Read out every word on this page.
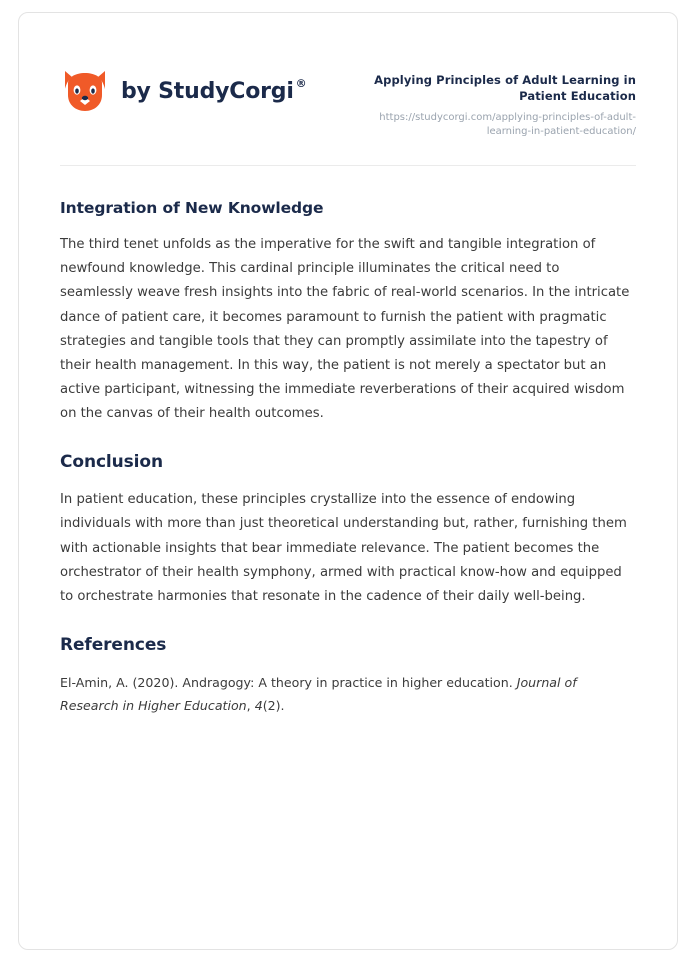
by StudyCorgi ®	Applying Principles of Adult Learning in Patient Education
https://studycorgi.com/applying-principles-of-adult-learning-in-patient-education/
Integration of New Knowledge

The third tenet unfolds as the imperative for the swift and tangible integration of newfound knowledge. This cardinal principle illuminates the critical need to seamlessly weave fresh insights into the fabric of real-world scenarios. In the intricate dance of patient care, it becomes paramount to furnish the patient with pragmatic strategies and tangible tools that they can promptly assimilate into the tapestry of their health management. In this way, the patient is not merely a spectator but an active participant, witnessing the immediate reverberations of their acquired wisdom on the canvas of their health outcomes.

Conclusion

In patient education, these principles crystallize into the essence of endowing individuals with more than just theoretical understanding but, rather, furnishing them with actionable insights that bear immediate relevance. The patient becomes the orchestrator of their health symphony, armed with practical know-how and equipped to orchestrate harmonies that resonate in the cadence of their daily well-being.

References
El-Amin, A. (2020). Andragogy: A theory in practice in higher education. Journal of Research in Higher Education, 4(2).
